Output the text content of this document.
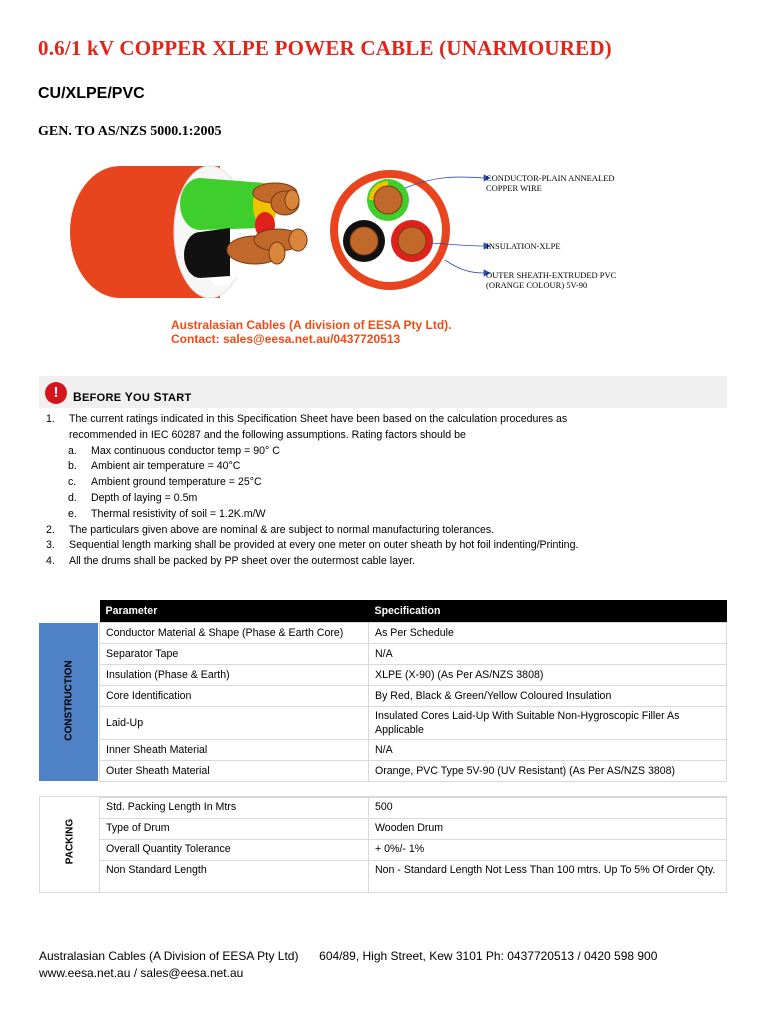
0.6/1 kV COPPER XLPE POWER CABLE (UNARMOURED)
CU/XLPE/PVC
GEN. TO AS/NZS 5000.1:2005
CONDUCTOR-PLAIN ANNEALED
COPPER WIRE
INSULATION-XLPE
OUTER SHEATH-EXTRUDED PVC
(ORANGE COLOUR) 5V-90
Australasian Cables (A division of EESA Pty Ltd).
Contact: sales@eesa.net.au/0437720513
!	BEFORE YOU START
1. The current ratings indicated in this Specification Sheet have been based on the calculation procedures as
recommended in IEC 60287 and the following assumptions. Rating factors should be
a. Max continuous conductor temp = 90° C
b. Ambient air temperature = 40°C
c. Ambient ground temperature = 25°C
d. Depth of laying = 0.5m
e. Thermal resistivity of soil = 1.2K.m/W
2. The particulars given above are nominal & are subject to normal manufacturing tolerances.
3. Sequential length marking shall be provided at every one meter on outer sheath by hot foil indenting/Printing.
4. All the drums shall be packed by PP sheet over the outermost cable layer.
CONSTRUCTION
Parameter	Specification
Conductor Material & Shape (Phase & Earth Core)	As Per Schedule
Separator Tape	N/A
Insulation (Phase & Earth)	XLPE (X-90) (As Per AS/NZS 3808)
Core Identification	By Red, Black & Green/Yellow Coloured Insulation
Laid-Up	Insulated Cores Laid-Up With Suitable Non-Hygroscopic Filler As Applicable
Inner Sheath Material	N/A
Outer Sheath Material	Orange, PVC Type 5V-90 (UV Resistant) (As Per AS/NZS 3808)
PACKING
Std. Packing Length In Mtrs	500
Type of Drum	Wooden Drum
Overall Quantity Tolerance	+ 0%/- 1%
Non Standard Length	Non - Standard Length Not Less Than 100 mtrs. Up To 5% Of Order Qty.
Australasian Cables (A Division of EESA Pty Ltd) 604/89, High Street, Kew 3101 Ph: 0437720513 / 0420 598 900
www.eesa.net.au / sales@eesa.net.au
